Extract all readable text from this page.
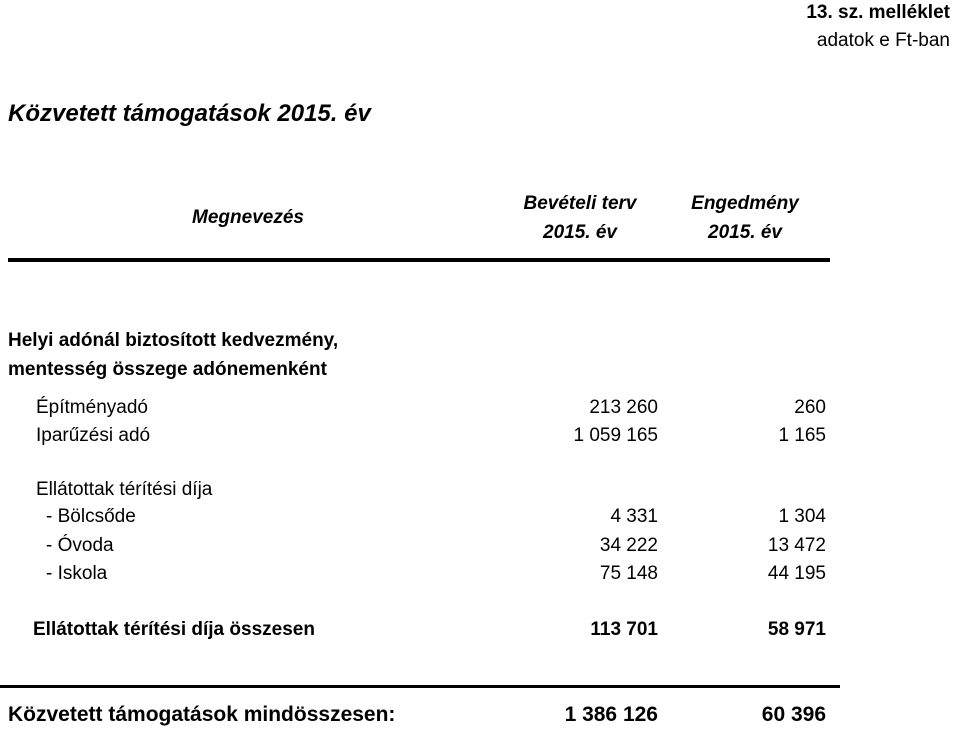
13. sz. melléklet
adatok e Ft-ban
Közvetett támogatások 2015. év
Megnevezés
Bevételi terv
2015. év
Engedmény
2015. év
Helyi adónál biztosított kedvezmény,
mentesség összege adónemenként
Építményadó	213 260	260
Iparűzési adó	1 059 165	1 165
Ellátottak térítési díja
- Bölcsőde	4 331	1 304
- Óvoda	34 222	13 472
- Iskola	75 148	44 195
Ellátottak térítési díja összesen	113 701	58 971
Közvetett támogatások mindösszesen:	1 386 126	60 396
